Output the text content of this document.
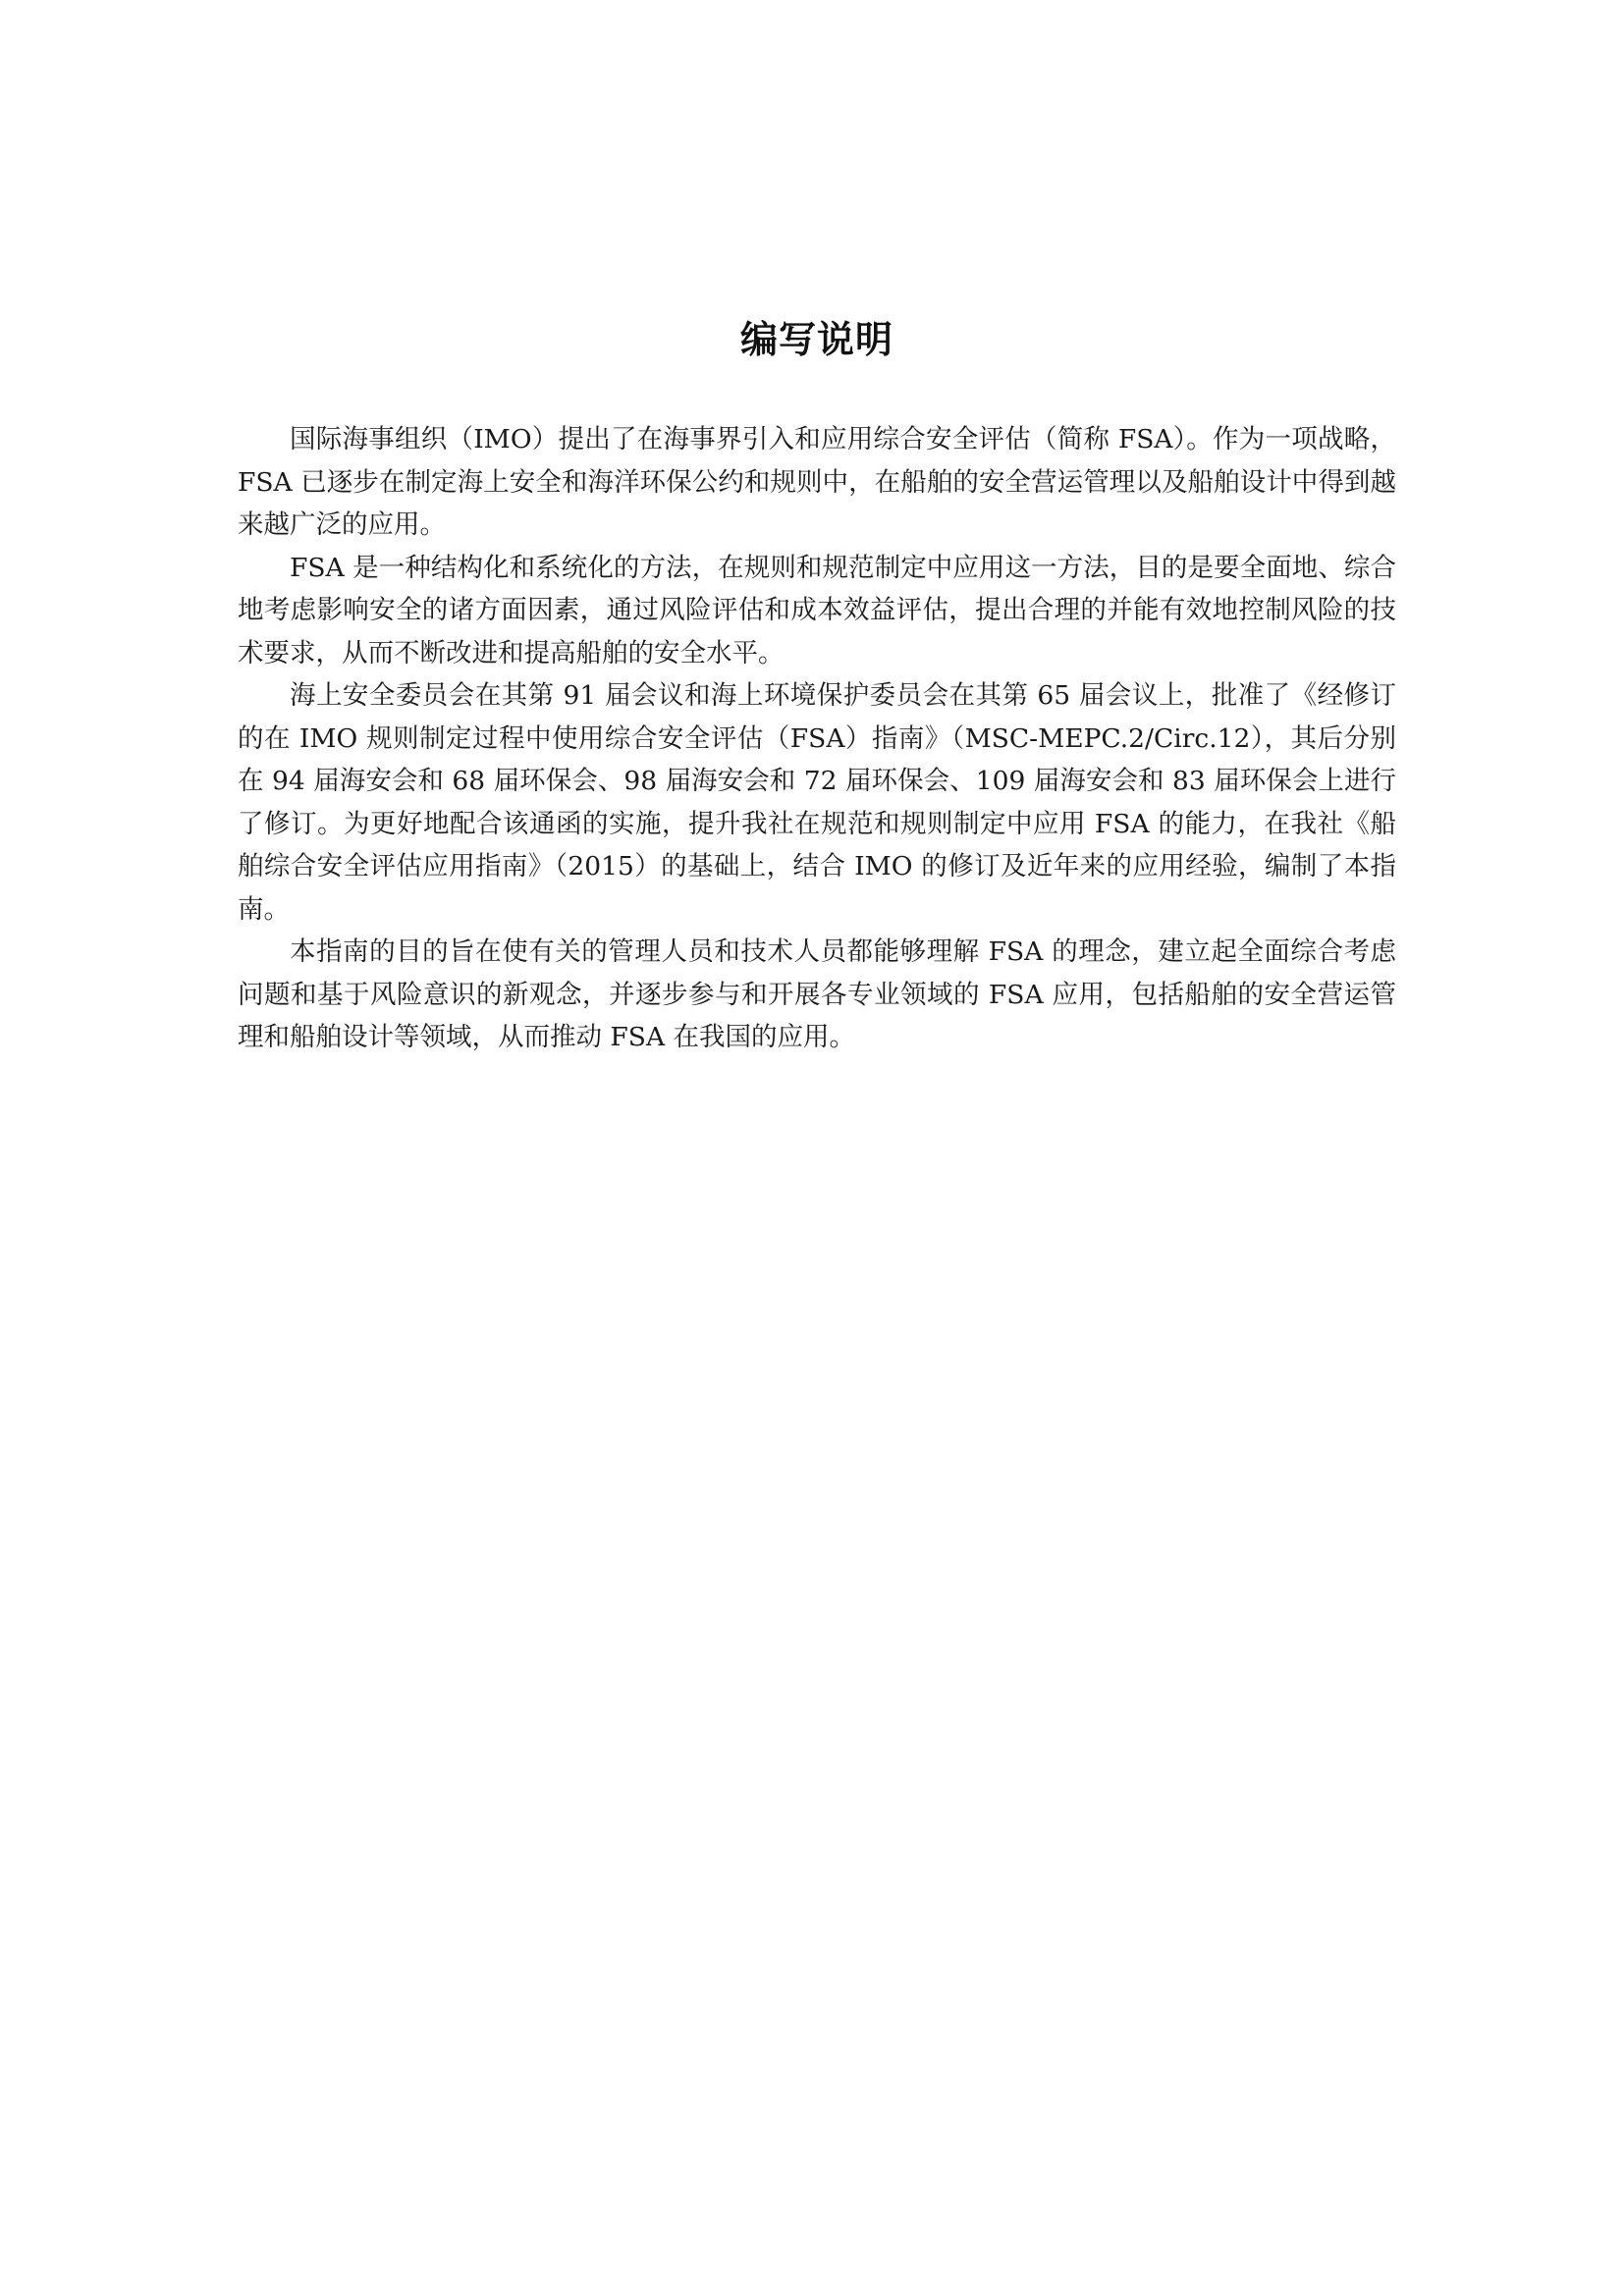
编写说明

国际海事组织（IMO）提出了在海事界引入和应用综合安全评估（简称 FSA）。作为一项战略，FSA 已逐步在制定海上安全和海洋环保公约和规则中，在船舶的安全营运管理以及船舶设计中得到越来越广泛的应用。

FSA 是一种结构化和系统化的方法，在规则和规范制定中应用这一方法，目的是要全面地、综合地考虑影响安全的诸方面因素，通过风险评估和成本效益评估，提出合理的并能有效地控制风险的技术要求，从而不断改进和提高船舶的安全水平。

海上安全委员会在其第 91 届会议和海上环境保护委员会在其第 65 届会议上，批准了《经修订的在 IMO 规则制定过程中使用综合安全评估（FSA）指南》（MSC-MEPC.2/Circ.12），其后分别在 94 届海安会和 68 届环保会、98 届海安会和 72 届环保会、109 届海安会和 83 届环保会上进行了修订。为更好地配合该通函的实施，提升我社在规范和规则制定中应用 FSA 的能力，在我社《船舶综合安全评估应用指南》（2015）的基础上，结合 IMO 的修订及近年来的应用经验，编制了本指南。

本指南的目的旨在使有关的管理人员和技术人员都能够理解 FSA 的理念，建立起全面综合考虑问题和基于风险意识的新观念，并逐步参与和开展各专业领域的 FSA 应用，包括船舶的安全营运管理和船舶设计等领域，从而推动 FSA 在我国的应用。
